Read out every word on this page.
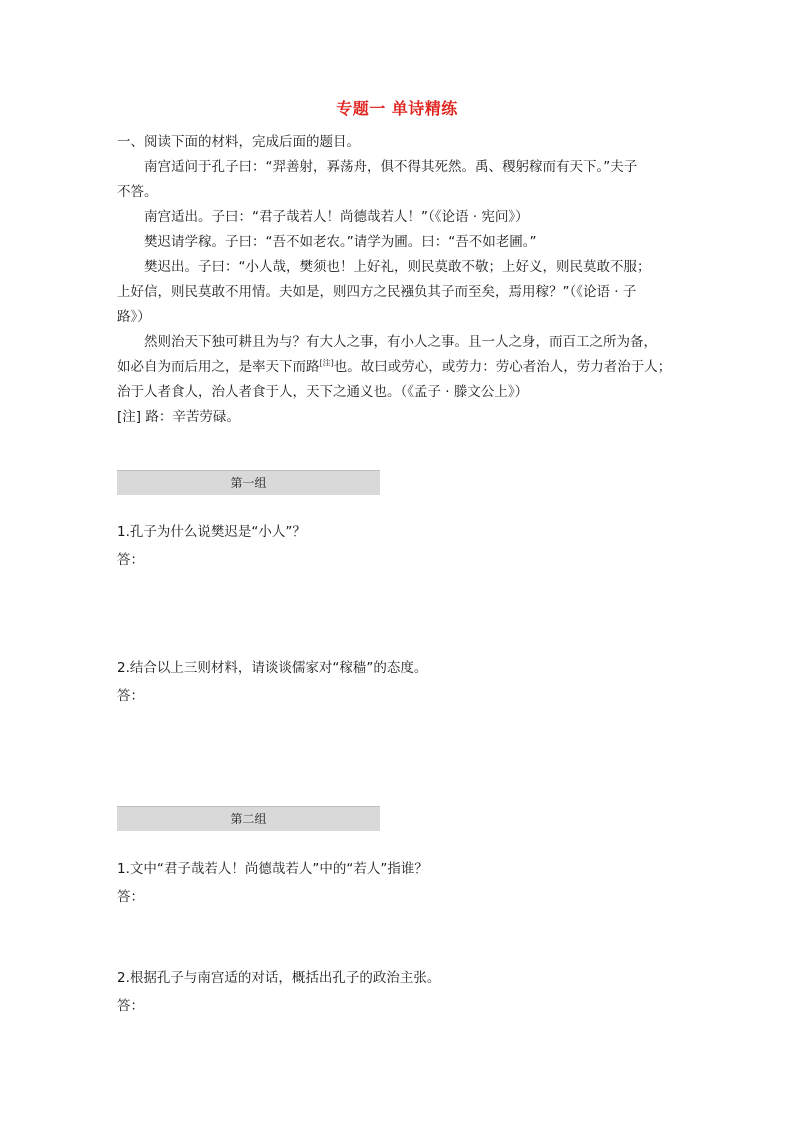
专题一 单诗精练
一、阅读下面的材料，完成后面的题目。
南宫适问于孔子曰：“羿善射，奡荡舟，俱不得其死然。禹、稷躬稼而有天下。”夫子
不答。
南宫适出。子曰：“君子哉若人！尚德哉若人！”（《论语 · 宪问》）
樊迟请学稼。子曰：“吾不如老农。”请学为圃。曰：“吾不如老圃。”
樊迟出。子曰：“小人哉，樊须也！上好礼，则民莫敢不敬；上好义，则民莫敢不服；
上好信，则民莫敢不用情。夫如是，则四方之民襁负其子而至矣，焉用稼？”（《论语 · 子
路》）
然则治天下独可耕且为与？有大人之事，有小人之事。且一人之身，而百工之所为备，
如必自为而后用之，是率天下而路[注]也。故曰或劳心，或劳力：劳心者治人，劳力者治于人；
治于人者食人，治人者食于人，天下之通义也。（《孟子 · 滕文公上》）
[注] 路：辛苦劳碌。
第一组
1.孔子为什么说樊迟是“小人”？
答：
2.结合以上三则材料，请谈谈儒家对“稼穑”的态度。
答：
第二组
1.文中“君子哉若人！尚德哉若人”中的“若人”指谁？
答：
2.根据孔子与南宫适的对话，概括出孔子的政治主张。
答：
